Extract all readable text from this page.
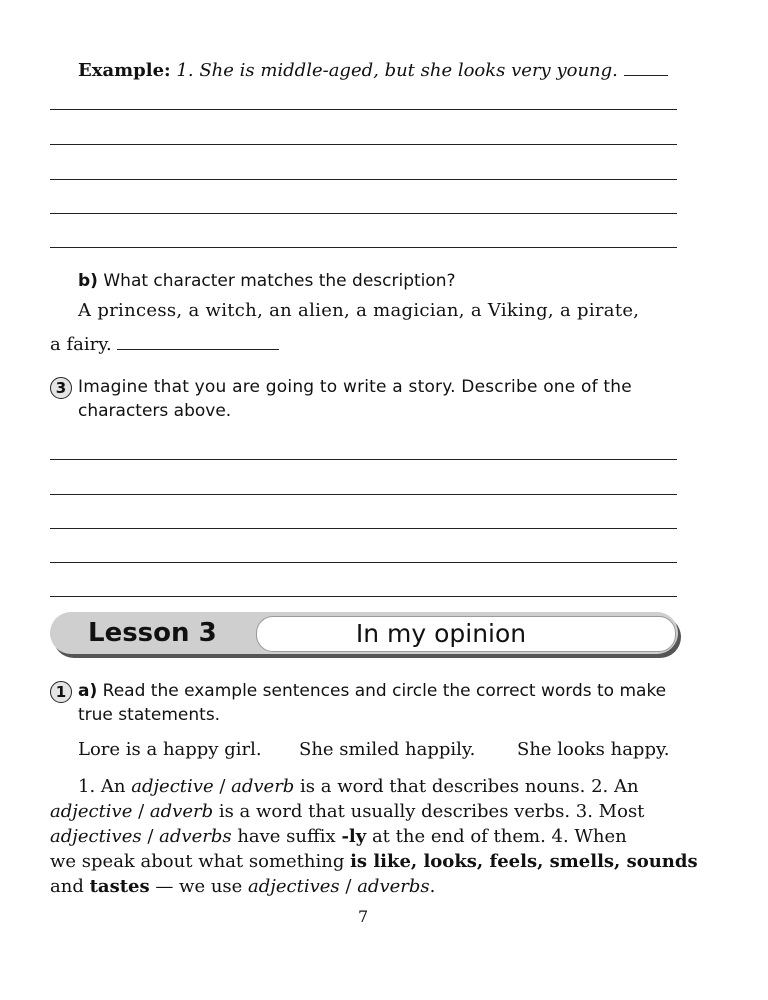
Example: 1. She is middle-aged, but she looks very young.
b) What character matches the description?
A princess, a witch, an alien, a magician, a Viking, a pirate,
a fairy.
3 Imagine that you are going to write a story. Describe one of the
characters above.
Lesson 3	In my opinion
1 a) Read the example sentences and circle the correct words to make
true statements.
Lore is a happy girl. She smiled happily. She looks happy.
1. An adjective / adverb is a word that describes nouns. 2. An
adjective / adverb is a word that usually describes verbs. 3. Most
adjectives / adverbs have suffix -ly at the end of them. 4. When
we speak about what something is like, looks, feels, smells, sounds
and tastes — we use adjectives / adverbs.
7
